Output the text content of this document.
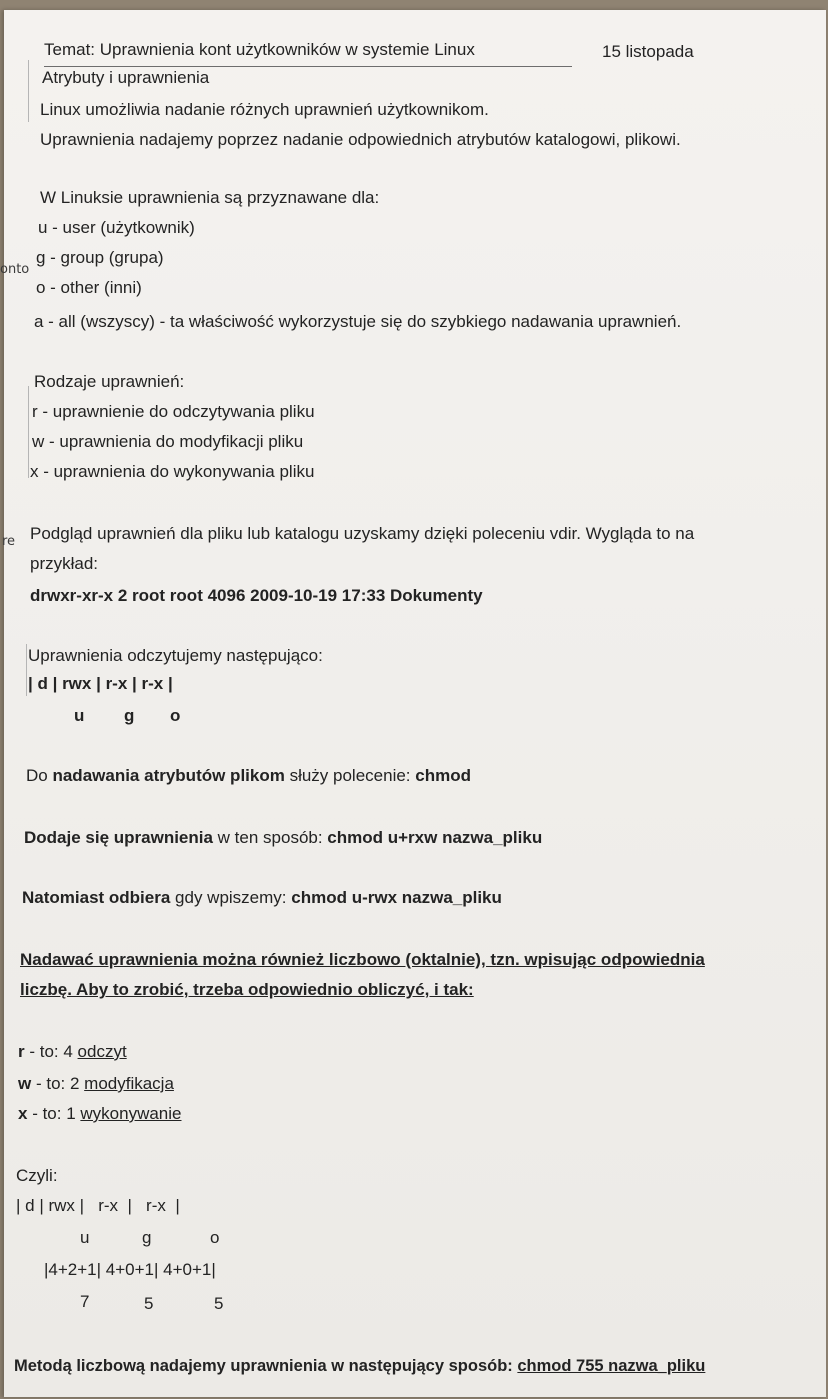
onto
re
Temat: Uprawnienia kont użytkowników w systemie Linux	15 listopada
Atrybuty i uprawnienia
Linux umożliwia nadanie różnych uprawnień użytkownikom.
Uprawnienia nadajemy poprzez nadanie odpowiednich atrybutów katalogowi, plikowi.
W Linuksie uprawnienia są przyznawane dla:
u - user (użytkownik)
g - group (grupa)
o - other (inni)
a - all (wszyscy) - ta właściwość wykorzystuje się do szybkiego nadawania uprawnień.
Rodzaje uprawnień:
r - uprawnienie do odczytywania pliku
w - uprawnienia do modyfikacji pliku
x - uprawnienia do wykonywania pliku
Podgląd uprawnień dla pliku lub katalogu uzyskamy dzięki poleceniu vdir. Wygląda to na
przykład:
drwxr-xr-x 2 root root 4096 2009-10-19 17:33 Dokumenty
Uprawnienia odczytujemy następująco:
| d | rwx | r-x | r-x |
u g o
Do nadawania atrybutów plikom służy polecenie: chmod
Dodaje się uprawnienia w ten sposób: chmod u+rxw nazwa_pliku
Natomiast odbiera gdy wpiszemy: chmod u-rwx nazwa_pliku
Nadawać uprawnienia można również liczbowo (oktalnie), tzn. wpisując odpowiednia
liczbę. Aby to zrobić, trzeba odpowiednio obliczyć, i tak:
r - to: 4 odczyt
w - to: 2 modyfikacja
x - to: 1 wykonywanie
Czyli:
| d | rwx |   r-x  |   r-x  |
u	g	o
|4+2+1| 4+0+1| 4+0+1|
7	5	5
Metodą liczbową nadajemy uprawnienia w następujący sposób: chmod 755 nazwa_pliku
